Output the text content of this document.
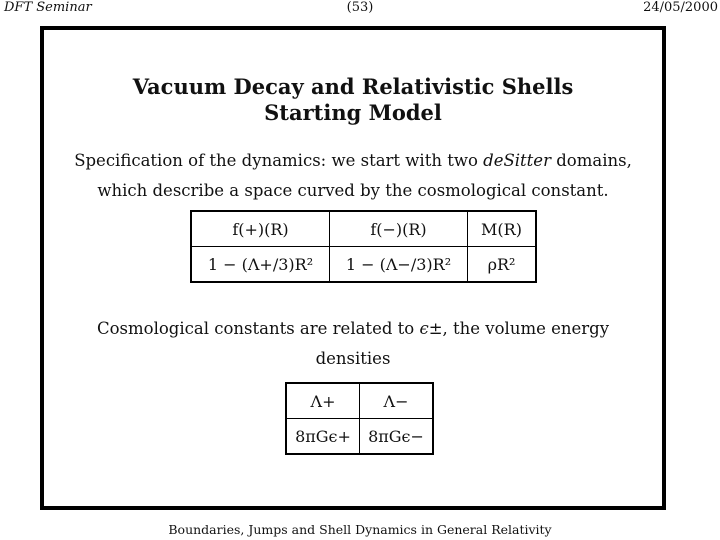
DFT Seminar	(53)	24/05/2000
Vacuum Decay and Relativistic Shells
Starting Model
Specification of the dynamics: we start with two deSitter domains,
which describe a space curved by the cosmological constant.
f(+)(R)	f(−)(R)	M(R)
1 − (Λ+/3)R²	1 − (Λ−/3)R²	ρR²
Cosmological constants are related to ϵ±, the volume energy
densities
Λ+	Λ−
8πGϵ+	8πGϵ−
Boundaries, Jumps and Shell Dynamics in General Relativity
